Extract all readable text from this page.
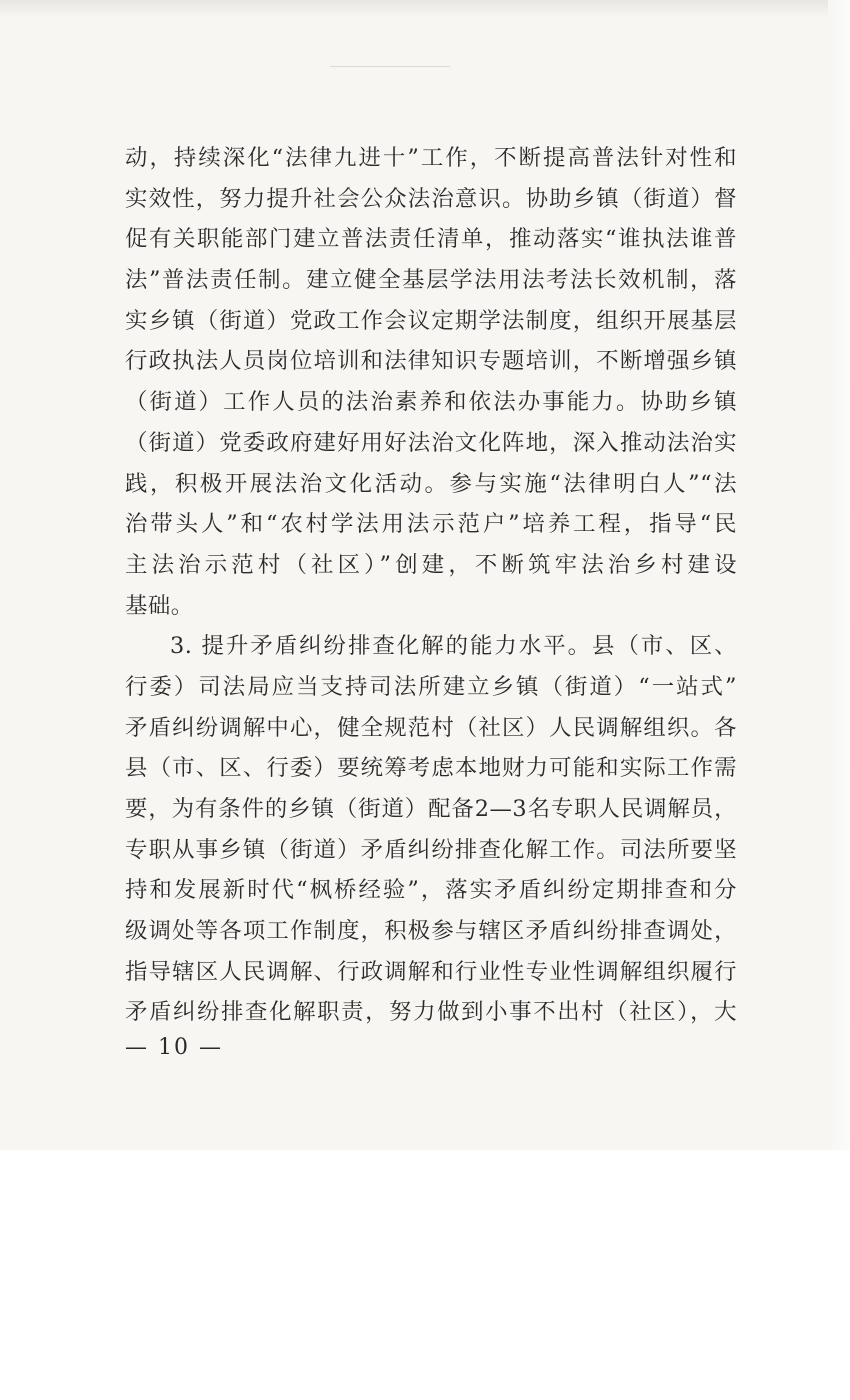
动，持续深化“法律九进十”工作，不断提高普法针对性和
实效性，努力提升社会公众法治意识。协助乡镇（街道）督
促有关职能部门建立普法责任清单，推动落实“谁执法谁普
法”普法责任制。建立健全基层学法用法考法长效机制，落
实乡镇（街道）党政工作会议定期学法制度，组织开展基层
行政执法人员岗位培训和法律知识专题培训，不断增强乡镇
（街道）工作人员的法治素养和依法办事能力。协助乡镇
（街道）党委政府建好用好法治文化阵地，深入推动法治实
践，积极开展法治文化活动。参与实施“法律明白人”“法
治带头人”和“农村学法用法示范户”培养工程，指导“民
主法治示范村（社区）”创建，不断筑牢法治乡村建设
基础。
3. 提升矛盾纠纷排查化解的能力水平。县（市、区、
行委）司法局应当支持司法所建立乡镇（街道）“一站式”
矛盾纠纷调解中心，健全规范村（社区）人民调解组织。各
县（市、区、行委）要统筹考虑本地财力可能和实际工作需
要，为有条件的乡镇（街道）配备2—3名专职人民调解员，
专职从事乡镇（街道）矛盾纠纷排查化解工作。司法所要坚
持和发展新时代“枫桥经验”，落实矛盾纠纷定期排查和分
级调处等各项工作制度，积极参与辖区矛盾纠纷排查调处，
指导辖区人民调解、行政调解和行业性专业性调解组织履行
矛盾纠纷排查化解职责，努力做到小事不出村（社区），大
— 10 —
